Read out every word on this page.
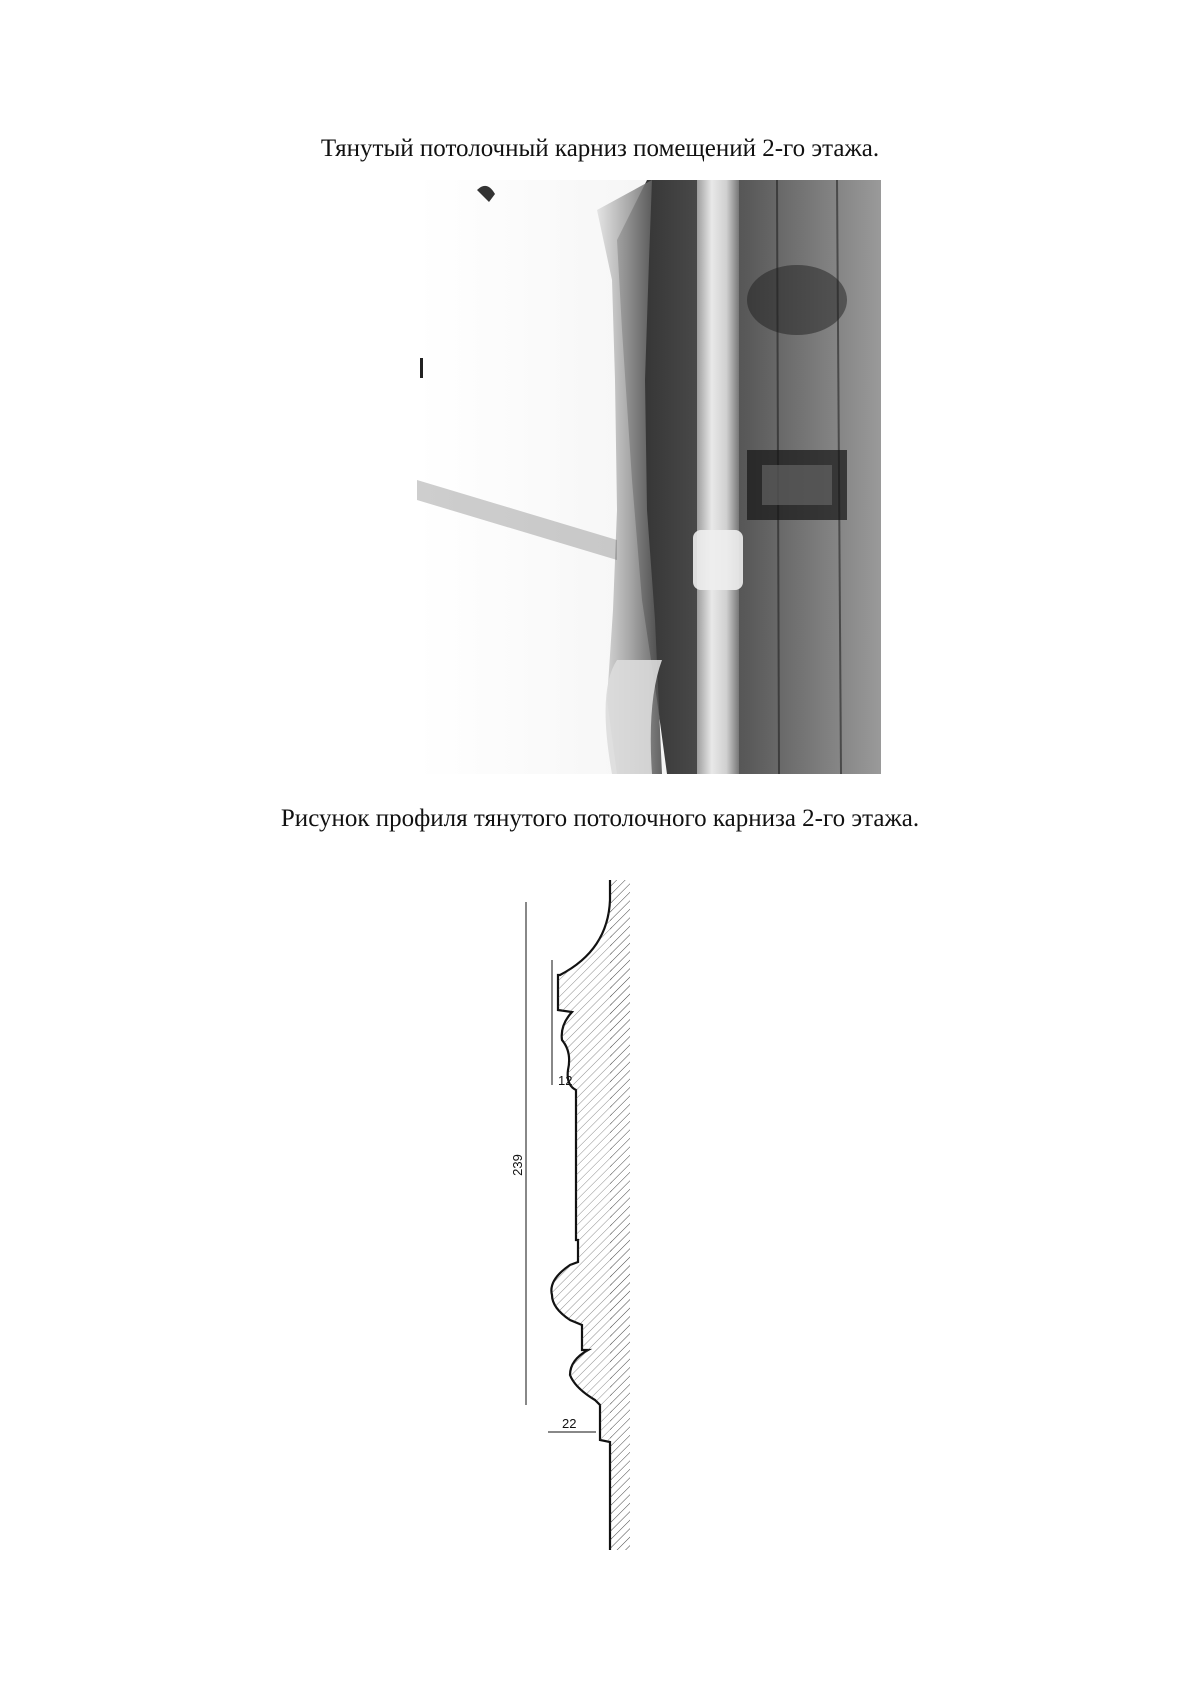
Тянутый потолочный карниз помещений 2-го этажа.
Рисунок профиля тянутого потолочного карниза 2-го этажа.
239
12
22
